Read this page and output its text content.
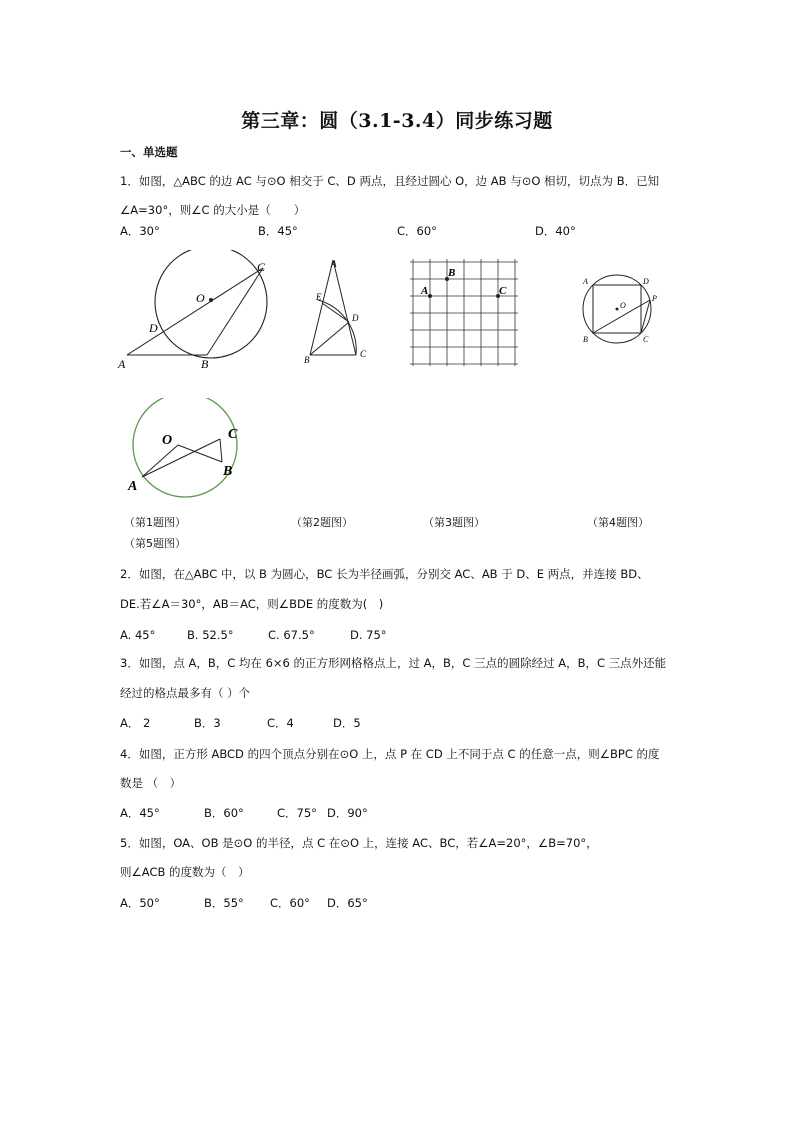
第三章：圆（3.1-3.4）同步练习题
一、单选题
1．如图，△ABC 的边 AC 与⊙O 相交于 C、D 两点，且经过圆心 O，边 AB 与⊙O 相切，切点为 B．已知
∠A=30°，则∠C 的大小是（　　）
A．30°	B．45°	C．60°	D．40°
A	B
C
D
O
A
B
C
D
E	A
B
C
A
B	C
D
O
P
A
B
C
O
（第1题图）	（第2题图）	（第3题图）	（第4题图）
（第5题图）
2．如图，在△ABC 中，以 B 为圆心，BC 长为半径画弧，分别交 AC、AB 于 D、E 两点，并连接 BD、
DE.若∠A＝30°，AB＝AC，则∠BDE 的度数为(　)
A. 45°	B. 52.5°	C. 67.5°	D. 75°
3．如图，点 A，B，C 均在 6×6 的正方形网格格点上，过 A，B，C 三点的圆除经过 A，B，C 三点外还能
经过的格点最多有（ ）个
A． 2	B．3	C．4	D．5
4．如图，正方形 ABCD 的四个顶点分别在⊙O 上，点 P 在 CD 上不同于点 C 的任意一点，则∠BPC 的度
数是 （　）
A．45°	B．60°	C．75° D．90°
5．如图，OA、OB 是⊙O 的半径，点 C 在⊙O 上，连接 AC、BC，若∠A=20°，∠B=70°，
则∠ACB 的度数为（　）
A．50°	B．55° C．60° D．65°
